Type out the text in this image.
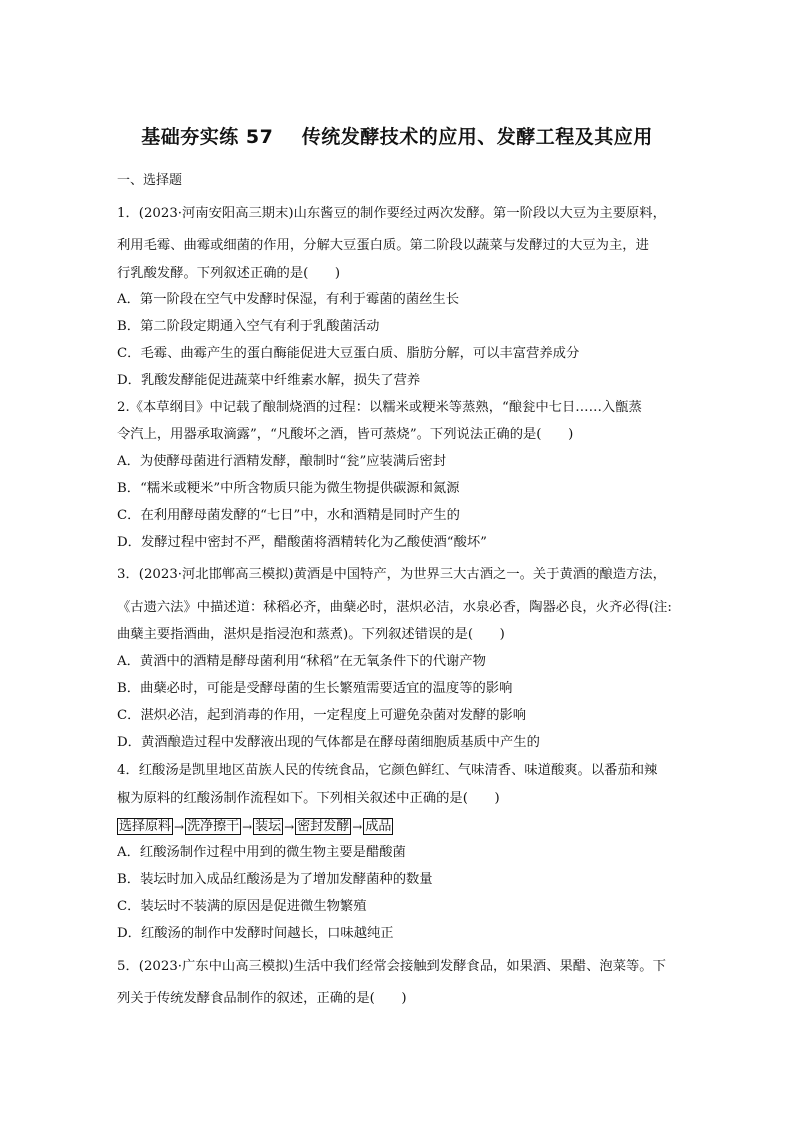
基础夯实练 57    传统发酵技术的应用、发酵工程及其应用
一、选择题
1．(2023·河南安阳高三期末)山东酱豆的制作要经过两次发酵。第一阶段以大豆为主要原料，
利用毛霉、曲霉或细菌的作用，分解大豆蛋白质。第二阶段以蔬菜与发酵过的大豆为主，进
行乳酸发酵。下列叙述正确的是(　　)
A．第一阶段在空气中发酵时保湿，有利于霉菌的菌丝生长
B．第二阶段定期通入空气有利于乳酸菌活动
C．毛霉、曲霉产生的蛋白酶能促进大豆蛋白质、脂肪分解，可以丰富营养成分
D．乳酸发酵能促进蔬菜中纤维素水解，损失了营养
2.《本草纲目》中记载了酿制烧酒的过程：以糯米或粳米等蒸熟，“酿瓮中七日……入甑蒸
令汽上，用器承取滴露”，“凡酸坏之酒，皆可蒸烧”。下列说法正确的是(　　)
A．为使酵母菌进行酒精发酵，酿制时“瓮”应装满后密封
B．“糯米或粳米”中所含物质只能为微生物提供碳源和氮源
C．在利用酵母菌发酵的“七日”中，水和酒精是同时产生的
D．发酵过程中密封不严，醋酸菌将酒精转化为乙酸使酒“酸坏”
3．(2023·河北邯郸高三模拟)黄酒是中国特产，为世界三大古酒之一。关于黄酒的酿造方法，
《古遗六法》中描述道：秫稻必齐，曲蘖必时，湛炽必洁，水泉必香，陶器必良，火齐必得(注:
曲蘖主要指酒曲，湛炽是指浸泡和蒸煮)。下列叙述错误的是(　　)
A．黄酒中的酒精是酵母菌利用“秫稻”在无氧条件下的代谢产物
B．曲蘖必时，可能是受酵母菌的生长繁殖需要适宜的温度等的影响
C．湛炽必洁，起到消毒的作用，一定程度上可避免杂菌对发酵的影响
D．黄酒酿造过程中发酵液出现的气体都是在酵母菌细胞质基质中产生的
4．红酸汤是凯里地区苗族人民的传统食品，它颜色鲜红、气味清香、味道酸爽。以番茄和辣
椒为原料的红酸汤制作流程如下。下列相关叙述中正确的是(　　)
选择原料 → 洗净擦干 → 装坛 → 密封发酵 → 成品
A．红酸汤制作过程中用到的微生物主要是醋酸菌
B．装坛时加入成品红酸汤是为了增加发酵菌种的数量
C．装坛时不装满的原因是促进微生物繁殖
D．红酸汤的制作中发酵时间越长，口味越纯正
5．(2023·广东中山高三模拟)生活中我们经常会接触到发酵食品，如果酒、果醋、泡菜等。下
列关于传统发酵食品制作的叙述，正确的是(　　)
